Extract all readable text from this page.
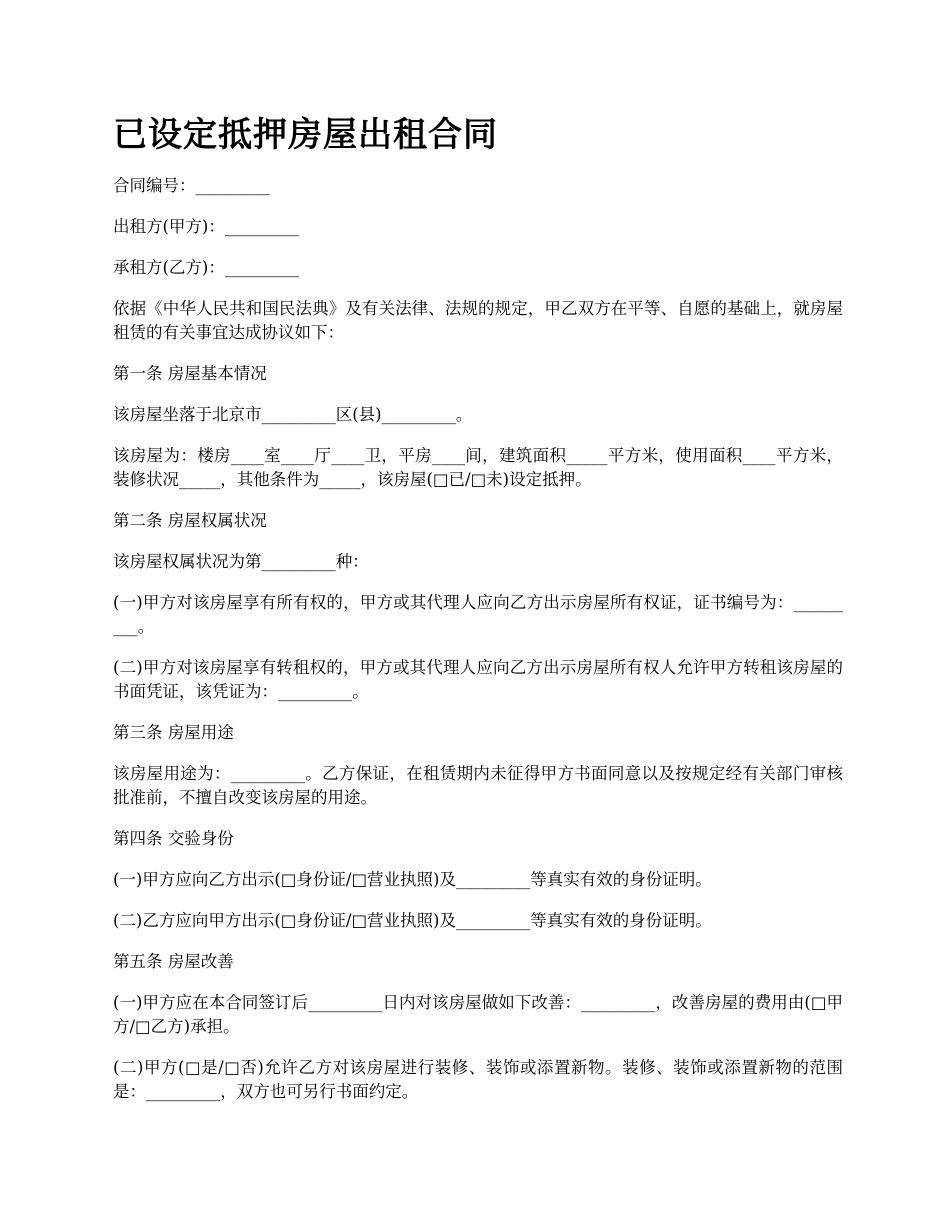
已设定抵押房屋出租合同

合同编号：_________

出租方(甲方)：_________

承租方(乙方)：_________

依据《中华人民共和国民法典》及有关法律、法规的规定，甲乙双方在平等、自愿的基础上，就房屋租赁的有关事宜达成协议如下：

第一条 房屋基本情况

该房屋坐落于北京市_________区(县)_________。

该房屋为：楼房____室____厅____卫，平房____间，建筑面积_____平方米，使用面积____平方米，装修状况_____，其他条件为_____，该房屋(□已/□未)设定抵押。

第二条 房屋权属状况

该房屋权属状况为第_________种：

(一)甲方对该房屋享有所有权的，甲方或其代理人应向乙方出示房屋所有权证，证书编号为：_________。

(二)甲方对该房屋享有转租权的，甲方或其代理人应向乙方出示房屋所有权人允许甲方转租该房屋的书面凭证，该凭证为：_________。

第三条 房屋用途

该房屋用途为：_________。乙方保证，在租赁期内未征得甲方书面同意以及按规定经有关部门审核批准前，不擅自改变该房屋的用途。

第四条 交验身份

(一)甲方应向乙方出示(□身份证/□营业执照)及_________等真实有效的身份证明。

(二)乙方应向甲方出示(□身份证/□营业执照)及_________等真实有效的身份证明。

第五条 房屋改善

(一)甲方应在本合同签订后_________日内对该房屋做如下改善：_________，改善房屋的费用由(□甲方/□乙方)承担。

(二)甲方(□是/□否)允许乙方对该房屋进行装修、装饰或添置新物。装修、装饰或添置新物的范围是：_________，双方也可另行书面约定。
